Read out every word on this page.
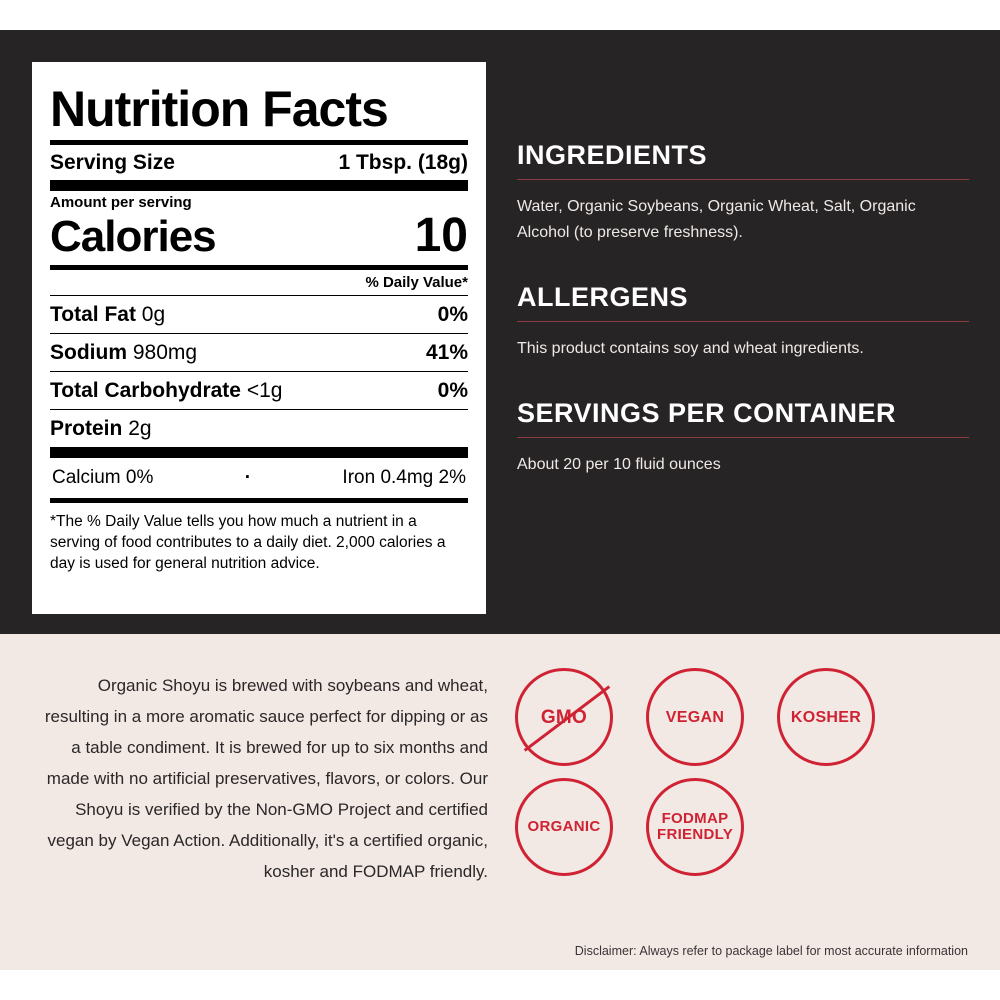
Nutrition Facts
Serving Size	1 Tbsp. (18g)
Amount per serving
Calories	10
% Daily Value*
Total Fat 0g	0%
Sodium 980mg	41%
Total Carbohydrate <1g	0%
Protein 2g
Calcium 0%	·	Iron 0.4mg 2%
*The % Daily Value tells you how much a nutrient in a serving of food contributes to a daily diet. 2,000 calories a day is used for general nutrition advice.
INGREDIENTS
Water, Organic Soybeans, Organic Wheat, Salt, Organic Alcohol (to preserve freshness).
ALLERGENS
This product contains soy and wheat ingredients.
SERVINGS PER CONTAINER
About 20 per 10 fluid ounces
Organic Shoyu is brewed with soybeans and wheat, resulting in a more aromatic sauce perfect for dipping or as a table condiment. It is brewed for up to six months and made with no artificial preservatives, flavors, or colors. Our Shoyu is verified by the Non-GMO Project and certified vegan by Vegan Action. Additionally, it's a certified organic, kosher and FODMAP friendly.
GMO	VEGAN	KOSHER
ORGANIC	FODMAP FRIENDLY
Disclaimer: Always refer to package label for most accurate information
